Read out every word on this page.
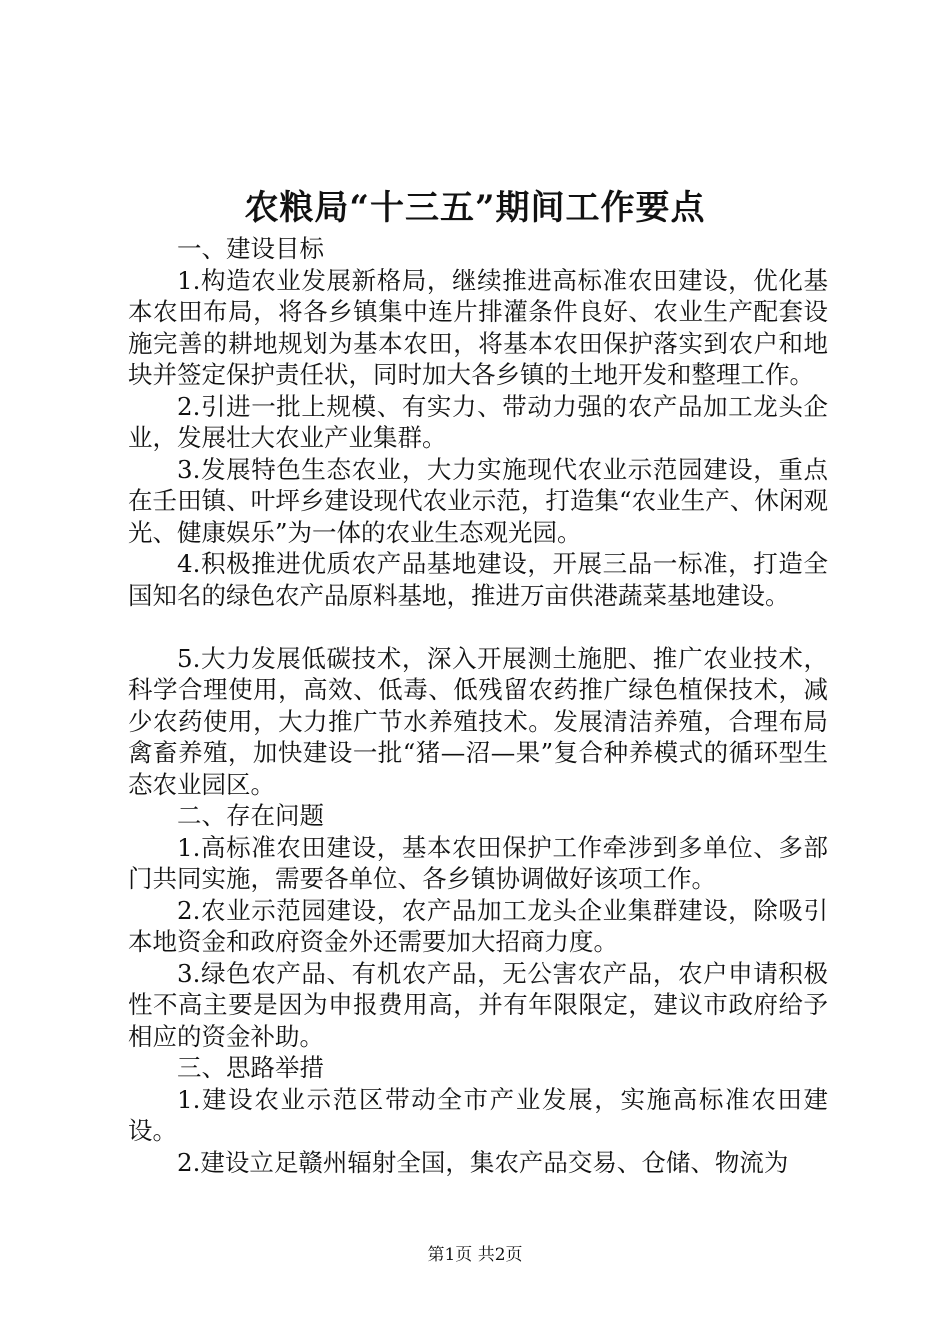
农粮局“十三五”期间工作要点

一、建设目标

1.构造农业发展新格局，继续推进高标准农田建设，优化基本农田布局，将各乡镇集中连片排灌条件良好、农业生产配套设施完善的耕地规划为基本农田，将基本农田保护落实到农户和地块并签定保护责任状，同时加大各乡镇的土地开发和整理工作。

2.引进一批上规模、有实力、带动力强的农产品加工龙头企业，发展壮大农业产业集群。

3.发展特色生态农业，大力实施现代农业示范园建设，重点在壬田镇、叶坪乡建设现代农业示范，打造集“农业生产、休闲观光、健康娱乐”为一体的农业生态观光园。

4.积极推进优质农产品基地建设，开展三品一标准，打造全国知名的绿色农产品原料基地，推进万亩供港蔬菜基地建设。

5.大力发展低碳技术，深入开展测土施肥、推广农业技术，科学合理使用，高效、低毒、低残留农药推广绿色植保技术，减少农药使用，大力推广节水养殖技术。发展清洁养殖，合理布局禽畜养殖，加快建设一批“猪—沼—果”复合种养模式的循环型生态农业园区。

二、存在问题

1.高标准农田建设，基本农田保护工作牵涉到多单位、多部门共同实施，需要各单位、各乡镇协调做好该项工作。

2.农业示范园建设，农产品加工龙头企业集群建设，除吸引本地资金和政府资金外还需要加大招商力度。

3.绿色农产品、有机农产品，无公害农产品，农户申请积极性不高主要是因为申报费用高，并有年限限定，建议市政府给予相应的资金补助。

三、思路举措

1.建设农业示范区带动全市产业发展，实施高标准农田建设。

2.建设立足赣州辐射全国，集农产品交易、仓储、物流为

第1页 共2页
